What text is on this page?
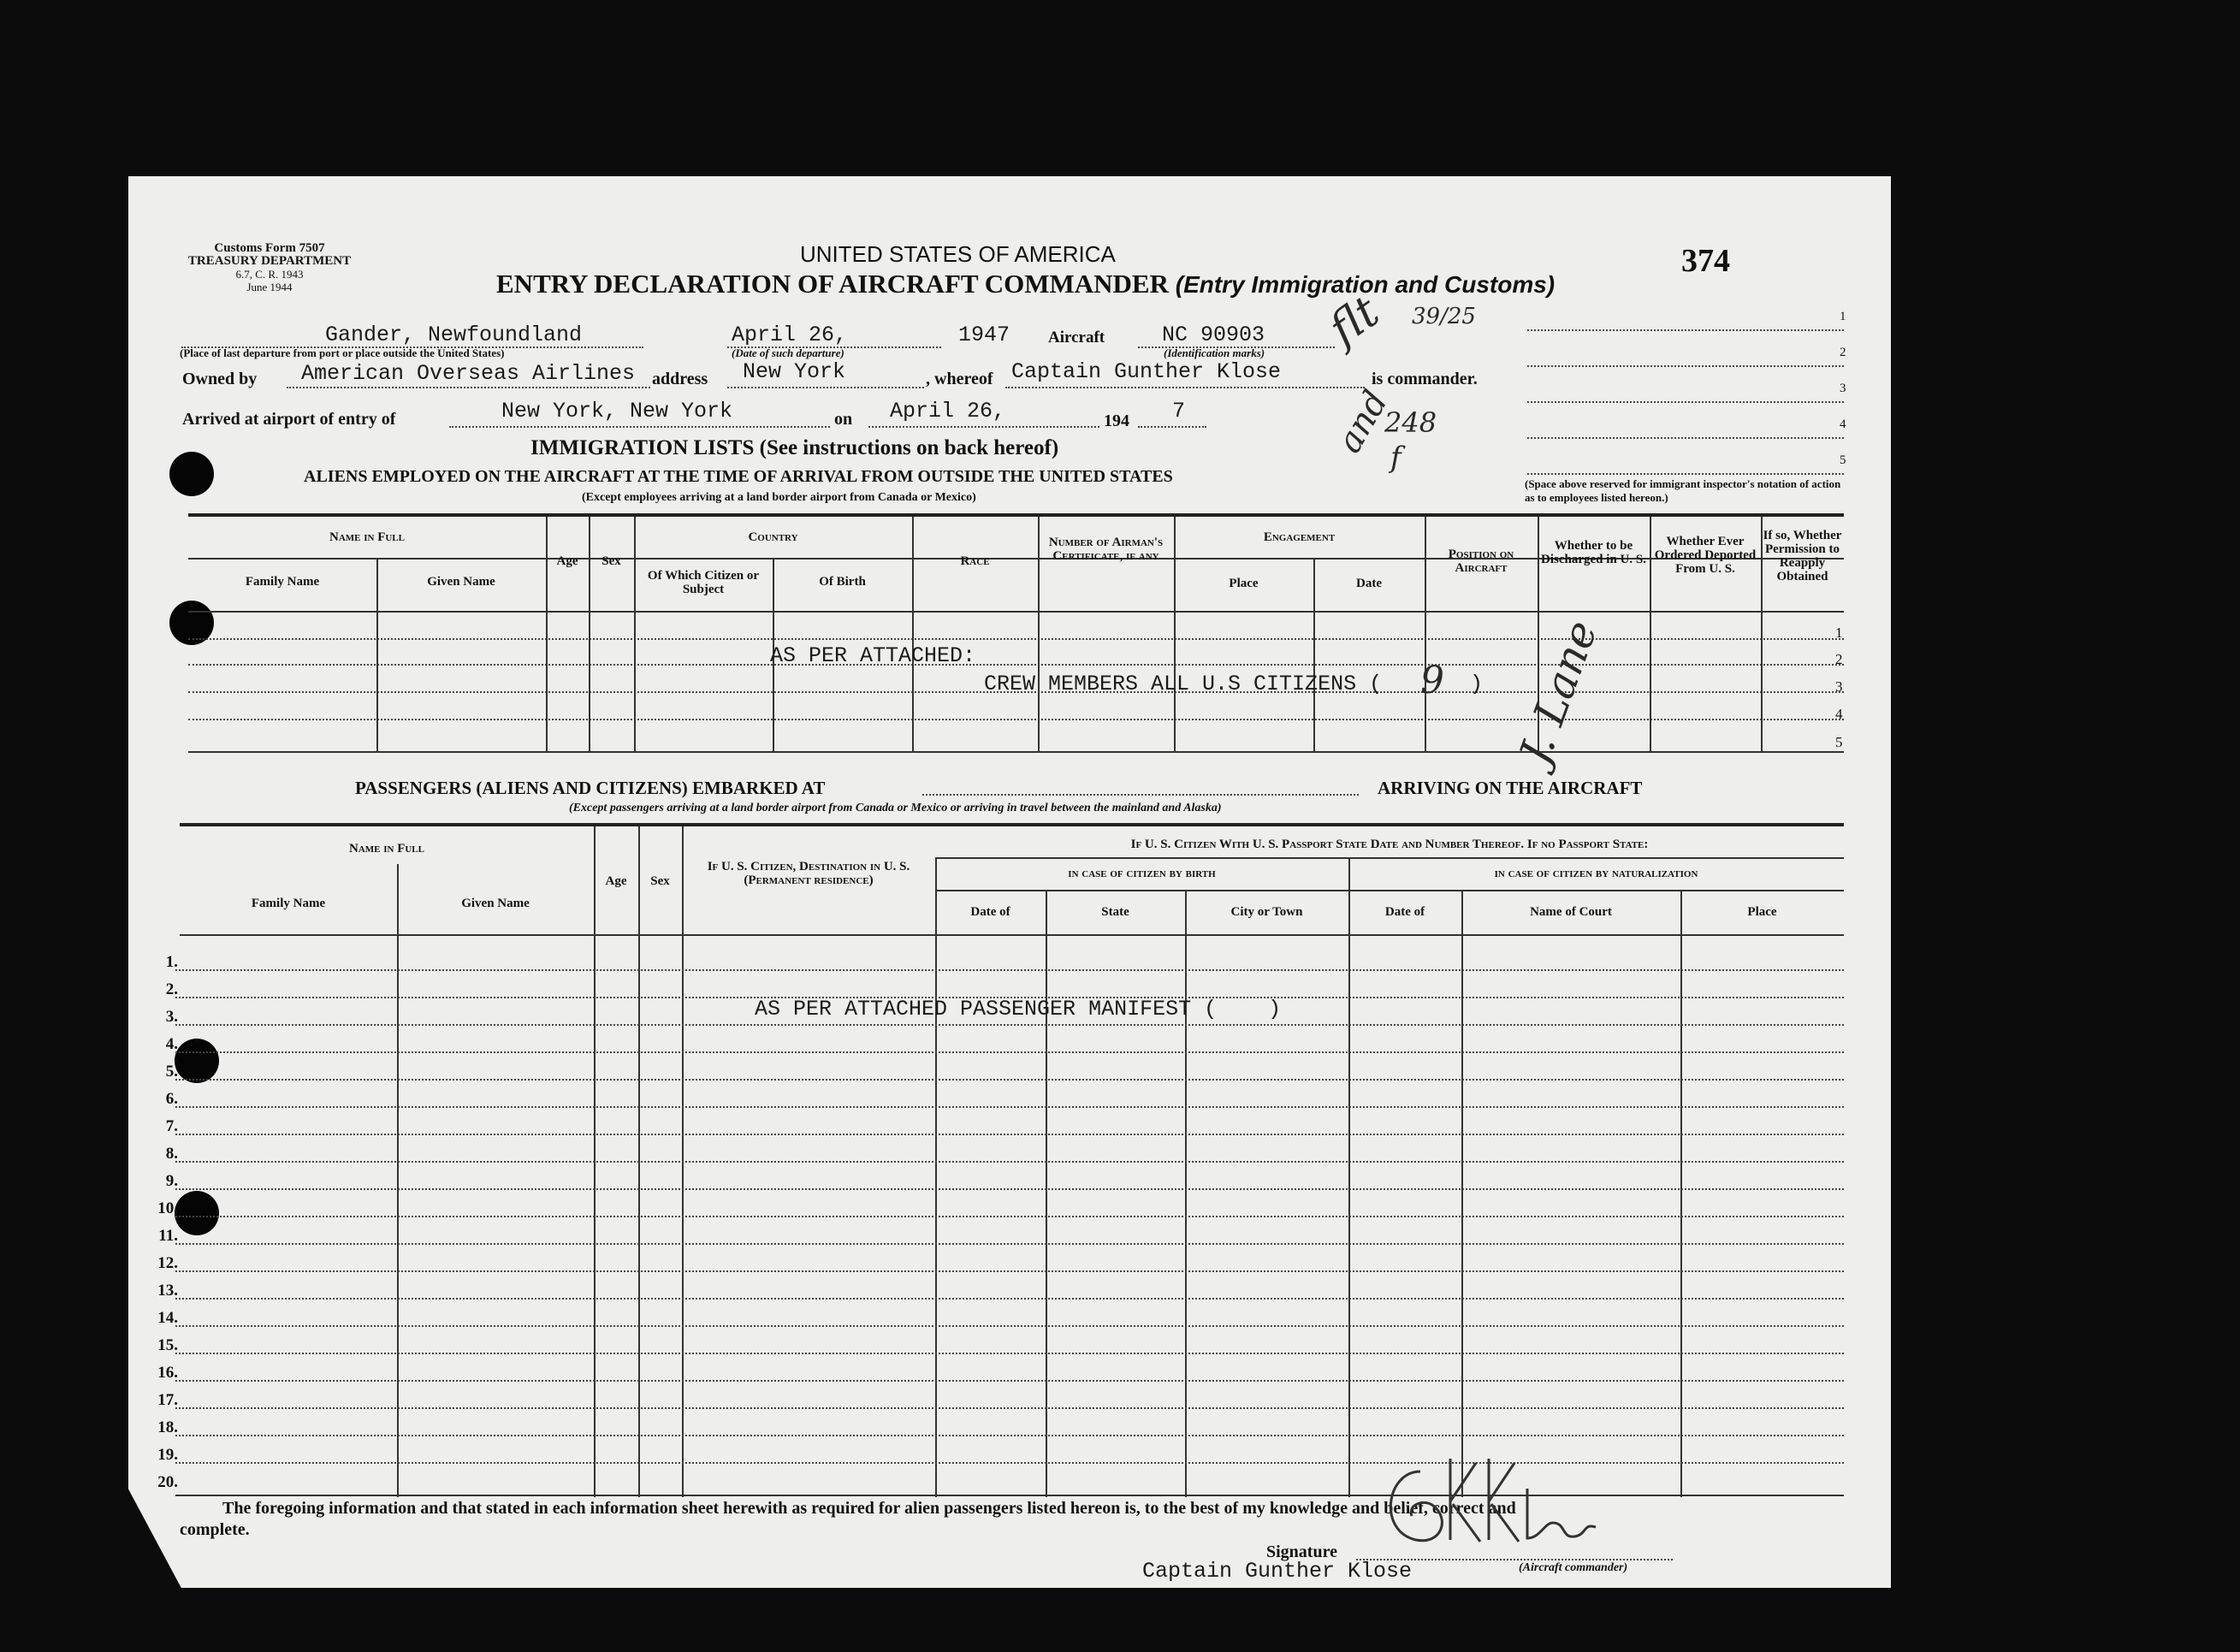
Customs Form 7507
TREASURY DEPARTMENT
6.7, C. R. 1943
June 1944
UNITED STATES OF AMERICA
ENTRY DECLARATION OF AIRCRAFT COMMANDER (Entry Immigration and Customs)
374
Gander, Newfoundland
(Place of last departure from port or place outside the United States)
April 26,
(Date of such departure)
1947 Aircraft	NC 90903
(Identification marks)
Owned by American Overseas Airlines address New York	, whereof Captain Gunther Klose	is commander.
Arrived at airport of entry of	New York, New York	on April 26,	194 7
flt 39/25
and
248
f
1
2
3
4
5
(Space above reserved for immigrant inspector's notation of action as to employees listed hereon.)
IMMIGRATION LISTS (See instructions on back hereof)
ALIENS EMPLOYED ON THE AIRCRAFT AT THE TIME OF ARRIVAL FROM OUTSIDE THE UNITED STATES
(Except employees arriving at a land border airport from Canada or Mexico)
Name in Full
Family Name	Given Name
Age	Sex
Country
Of Which Citizen or Subject
Of Birth
Race
Number of Airman's Certificate, if any
Engagement
Place	Date
Position on Aircraft
Whether to be Discharged in U. S.
Whether Ever Ordered Deported From U. S.
If so, Whether Permission to Reapply Obtained
1
2
3
4
5
AS PER ATTACHED:
CREW MEMBERS ALL U.S CITIZENS ( 9 ) J. Lane
PASSENGERS (ALIENS AND CITIZENS) EMBARKED AT	ARRIVING ON THE AIRCRAFT
(Except passengers arriving at a land border airport from Canada or Mexico or arriving in travel between the mainland and Alaska)
Name in Full
Family Name	Given Name
Age	Sex
If U. S. Citizen, Destination in U. S. (Permanent residence)
If U. S. Citizen With U. S. Passport State Date and Number Thereof. If no Passport State:
in case of citizen by birth	in case of citizen by naturalization
Date of	State	City or Town	Date of	Name of Court	Place
1.
2.
3.
4.
5.
6.
7.
8.
9.
10.
11.
12.
13.
14.
15.
16.
17.
18.
19.
20.
AS PER ATTACHED PASSENGER MANIFEST (    )
The foregoing information and that stated in each information sheet herewith as required for alien passengers listed hereon is, to the best of my knowledge and belief, correct and
complete.
Signature
Captain Gunther Klose	(Aircraft commander)
